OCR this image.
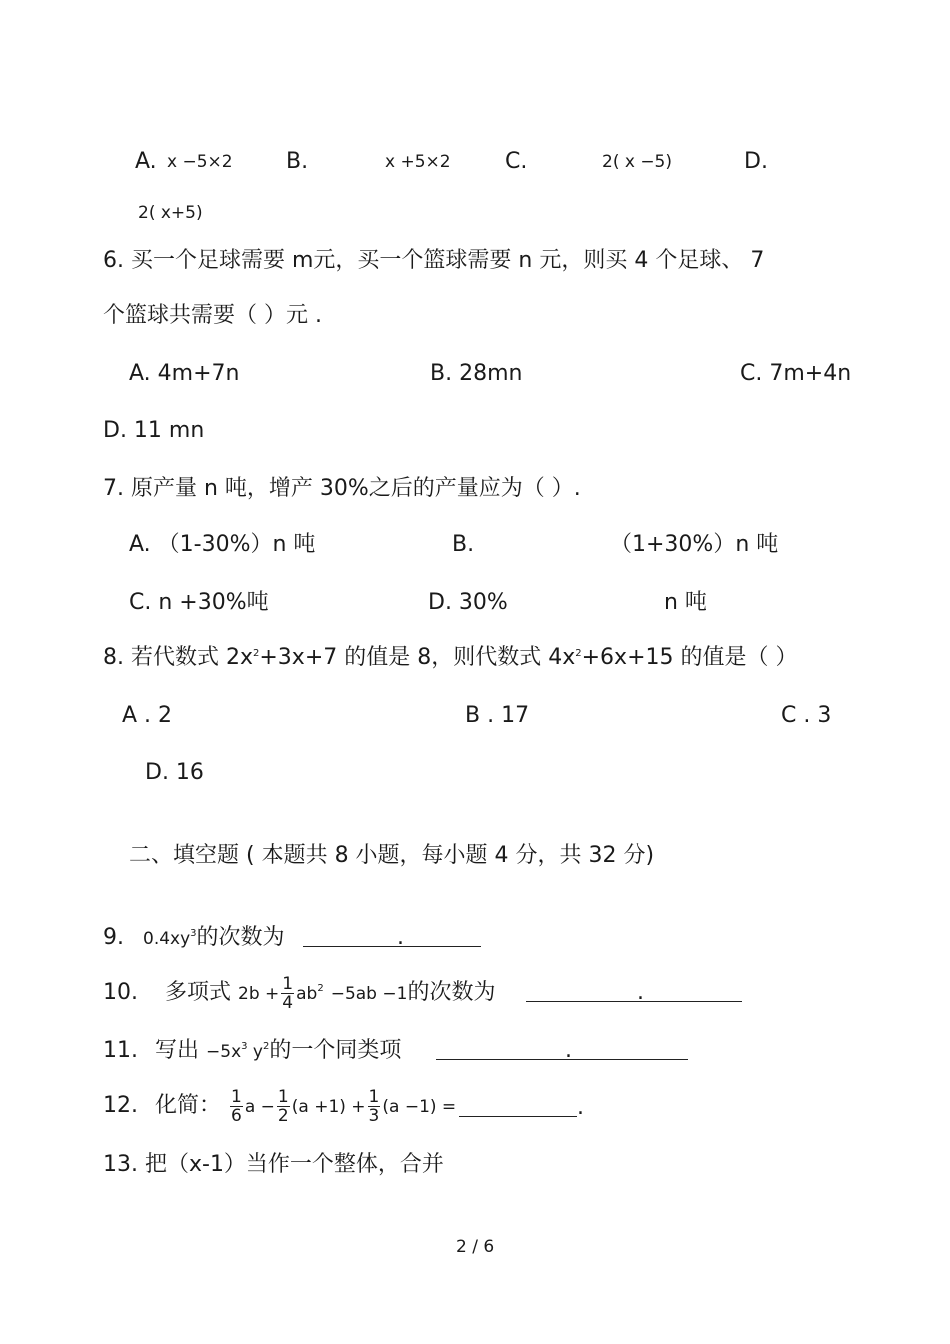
A. x −5×2 B.	x +5×2 C.	2( x −5)	D.
2( x+5)
6. 买一个足球需要 m元，买一个篮球需要 n 元，则买 4 个足球、 7
个篮球共需要（ ）元 .
A. 4m+7n	B. 28mn	C. 7m+4n
D. 11 mn
7. 原产量 n 吨，增产 30%之后的产量应为（ ）.
A. （1-30%）n 吨	B.	（1+30%）n 吨
C. n +30%吨	D. 30%	n 吨
8. 若代数式 $2x^2+3x+7$ 的值是 8，则代数式 $4x^2+6x+15$ 的值是（ ）
A . 2	B . 17	C . 3
D. 16
二、填空题 ( 本题共 8 小题，每小题 4 分，共 32 分)
9. $0.4xy^3$的次数为	.
10. 多项式 $2b + \frac{1}{4} ab^2 -5ab -1$的次数为	.
11. 写出 $-5x^3$ $y^2$的一个同类项	.
12. 化简： $\frac{1}{6}$ $a - \frac{1}{2} (a +1) + \frac{1}{3} (a -1)$ =	.
13. 把（x-1）当作一个整体，合并
2 / 6
